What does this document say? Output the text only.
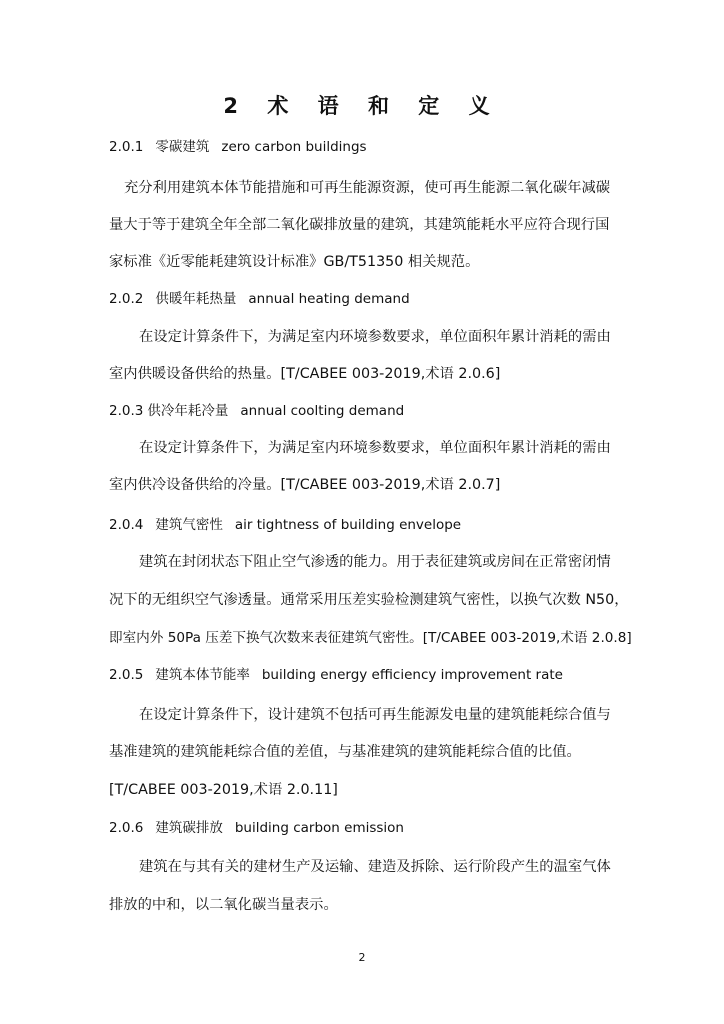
2 术 语 和 定 义
2.0.1 零碳建筑 zero carbon buildings
充分利用建筑本体节能措施和可再生能源资源，使可再生能源二氧化碳年减碳
量大于等于建筑全年全部二氧化碳排放量的建筑，其建筑能耗水平应符合现行国
家标准《近零能耗建筑设计标准》GB/T51350 相关规范。
2.0.2 供暖年耗热量 annual heating demand
在设定计算条件下，为满足室内环境参数要求，单位面积年累计消耗的需由
室内供暖设备供给的热量。[T/CABEE 003-2019,术语 2.0.6]
2.0.3 供冷年耗冷量 annual coolting demand
在设定计算条件下，为满足室内环境参数要求，单位面积年累计消耗的需由
室内供冷设备供给的冷量。[T/CABEE 003-2019,术语 2.0.7]
2.0.4 建筑气密性 air tightness of building envelope
建筑在封闭状态下阻止空气渗透的能力。用于表征建筑或房间在正常密闭情
况下的无组织空气渗透量。通常采用压差实验检测建筑气密性，以换气次数 N50，
即室内外 50Pa 压差下换气次数来表征建筑气密性。[T/CABEE 003-2019,术语 2.0.8]
2.0.5 建筑本体节能率 building energy efficiency improvement rate
在设定计算条件下，设计建筑不包括可再生能源发电量的建筑能耗综合值与
基准建筑的建筑能耗综合值的差值，与基准建筑的建筑能耗综合值的比值。
[T/CABEE 003-2019,术语 2.0.11]
2.0.6 建筑碳排放 building carbon emission
建筑在与其有关的建材生产及运输、建造及拆除、运行阶段产生的温室气体
排放的中和，以二氧化碳当量表示。
2
